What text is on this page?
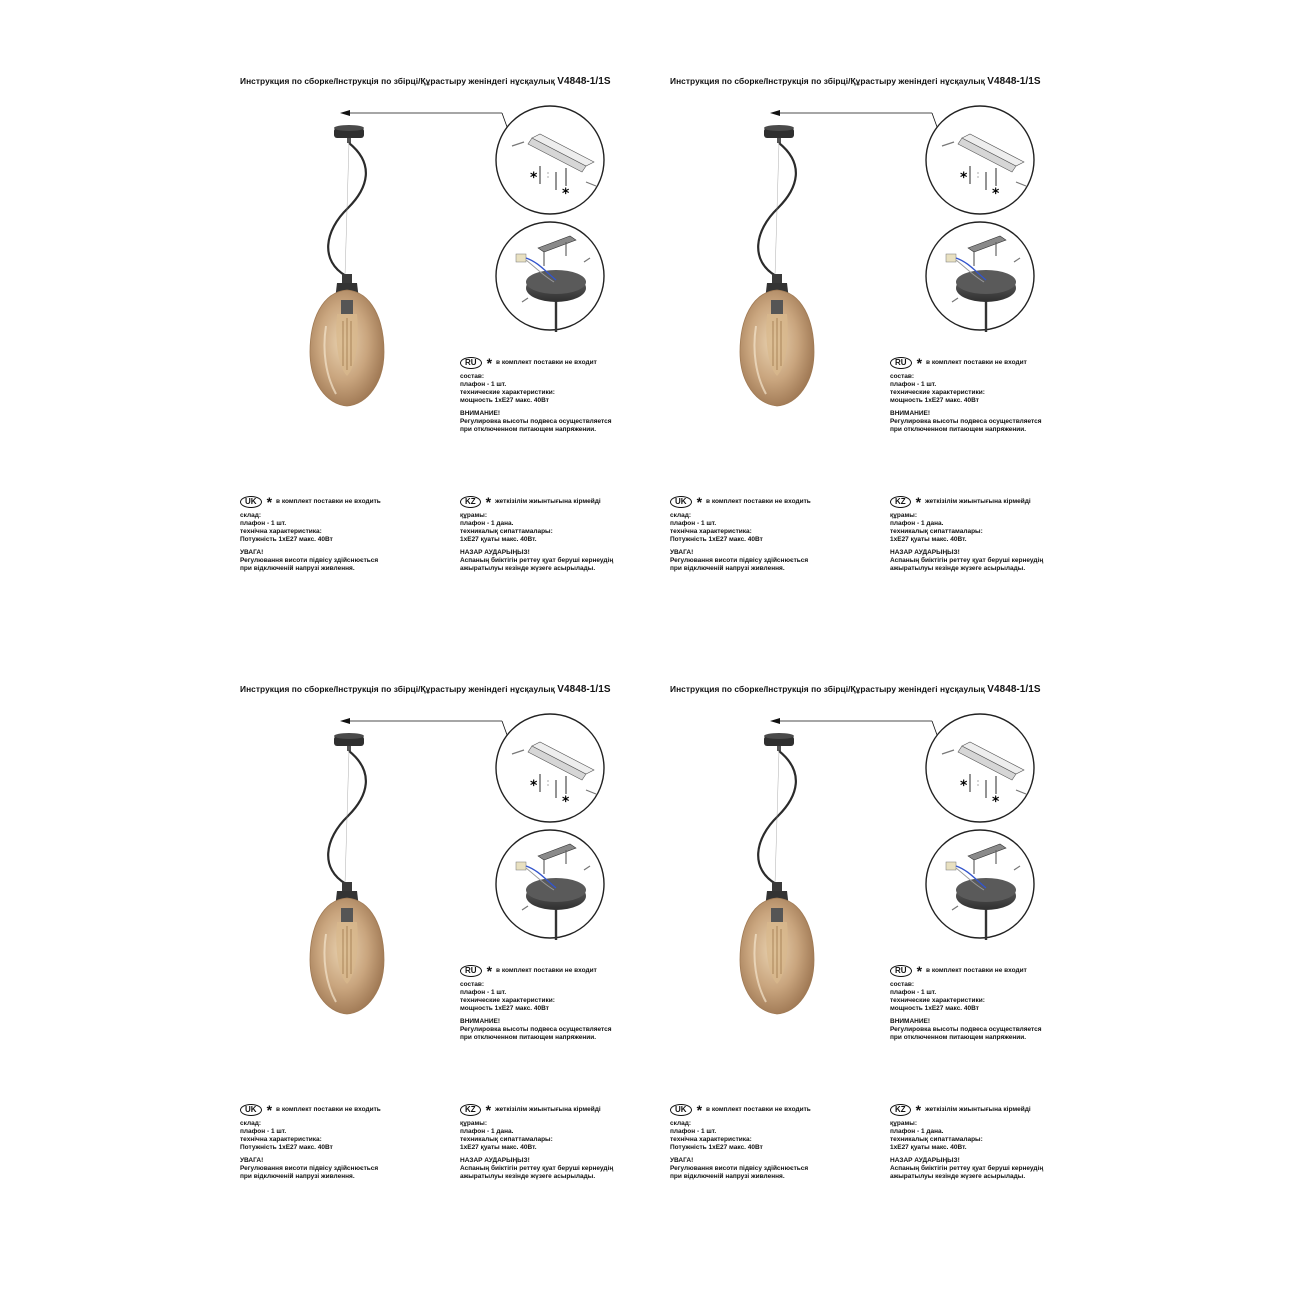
Инструкция по сборке/Інструкція по збірці/Құрастыру женіндегі нұсқаулық V4848-1/1S
*
*
RU * в комплект поставки не входит
состав:
плафон - 1 шт.
технические характеристики:
мощность 1хЕ27 макс. 40Вт
ВНИМАНИЕ!
Регулировка высоты подвеса осуществляется
при отключенном питающем напряжении.
UK * в комплект поставки не входить
склад:
плафон - 1 шт.
технічна характеристика:
Потужність 1хЕ27 макс. 40Вт
УВАГА!
Регулювання висоти підвісу здійснюється
при відключеній напрузі живлення.
KZ * жеткізілім жиынтығына кірмейді
құрамы:
плафон - 1 дана.
техникалық сипаттамалары:
1хЕ27 қуаты макс. 40Вт.
НАЗАР АУДАРЫҢЫЗ!
Аспаның биіктігін реттеу қуат беруші кернеудің
ажыратылуы кезінде жүзеге асырылады.
Инструкция по сборке/Інструкція по збірці/Құрастыру женіндегі нұсқаулық V4848-1/1S
*
*
RU * в комплект поставки не входит
состав:
плафон - 1 шт.
технические характеристики:
мощность 1хЕ27 макс. 40Вт
ВНИМАНИЕ!
Регулировка высоты подвеса осуществляется
при отключенном питающем напряжении.
UK * в комплект поставки не входить
склад:
плафон - 1 шт.
технічна характеристика:
Потужність 1хЕ27 макс. 40Вт
УВАГА!
Регулювання висоти підвісу здійснюється
при відключеній напрузі живлення.
KZ * жеткізілім жиынтығына кірмейді
құрамы:
плафон - 1 дана.
техникалық сипаттамалары:
1хЕ27 қуаты макс. 40Вт.
НАЗАР АУДАРЫҢЫЗ!
Аспаның биіктігін реттеу қуат беруші кернеудің
ажыратылуы кезінде жүзеге асырылады.
Инструкция по сборке/Інструкція по збірці/Құрастыру женіндегі нұсқаулық V4848-1/1S
*
*
RU * в комплект поставки не входит
состав:
плафон - 1 шт.
технические характеристики:
мощность 1хЕ27 макс. 40Вт
ВНИМАНИЕ!
Регулировка высоты подвеса осуществляется
при отключенном питающем напряжении.
UK * в комплект поставки не входить
склад:
плафон - 1 шт.
технічна характеристика:
Потужність 1хЕ27 макс. 40Вт
УВАГА!
Регулювання висоти підвісу здійснюється
при відключеній напрузі живлення.
KZ * жеткізілім жиынтығына кірмейді
құрамы:
плафон - 1 дана.
техникалық сипаттамалары:
1хЕ27 қуаты макс. 40Вт.
НАЗАР АУДАРЫҢЫЗ!
Аспаның биіктігін реттеу қуат беруші кернеудің
ажыратылуы кезінде жүзеге асырылады.
Инструкция по сборке/Інструкція по збірці/Құрастыру женіндегі нұсқаулық V4848-1/1S
*
*
RU * в комплект поставки не входит
состав:
плафон - 1 шт.
технические характеристики:
мощность 1хЕ27 макс. 40Вт
ВНИМАНИЕ!
Регулировка высоты подвеса осуществляется
при отключенном питающем напряжении.
UK * в комплект поставки не входить
склад:
плафон - 1 шт.
технічна характеристика:
Потужність 1хЕ27 макс. 40Вт
УВАГА!
Регулювання висоти підвісу здійснюється
при відключеній напрузі живлення.
KZ * жеткізілім жиынтығына кірмейді
құрамы:
плафон - 1 дана.
техникалық сипаттамалары:
1хЕ27 қуаты макс. 40Вт.
НАЗАР АУДАРЫҢЫЗ!
Аспаның биіктігін реттеу қуат беруші кернеудің
ажыратылуы кезінде жүзеге асырылады.
